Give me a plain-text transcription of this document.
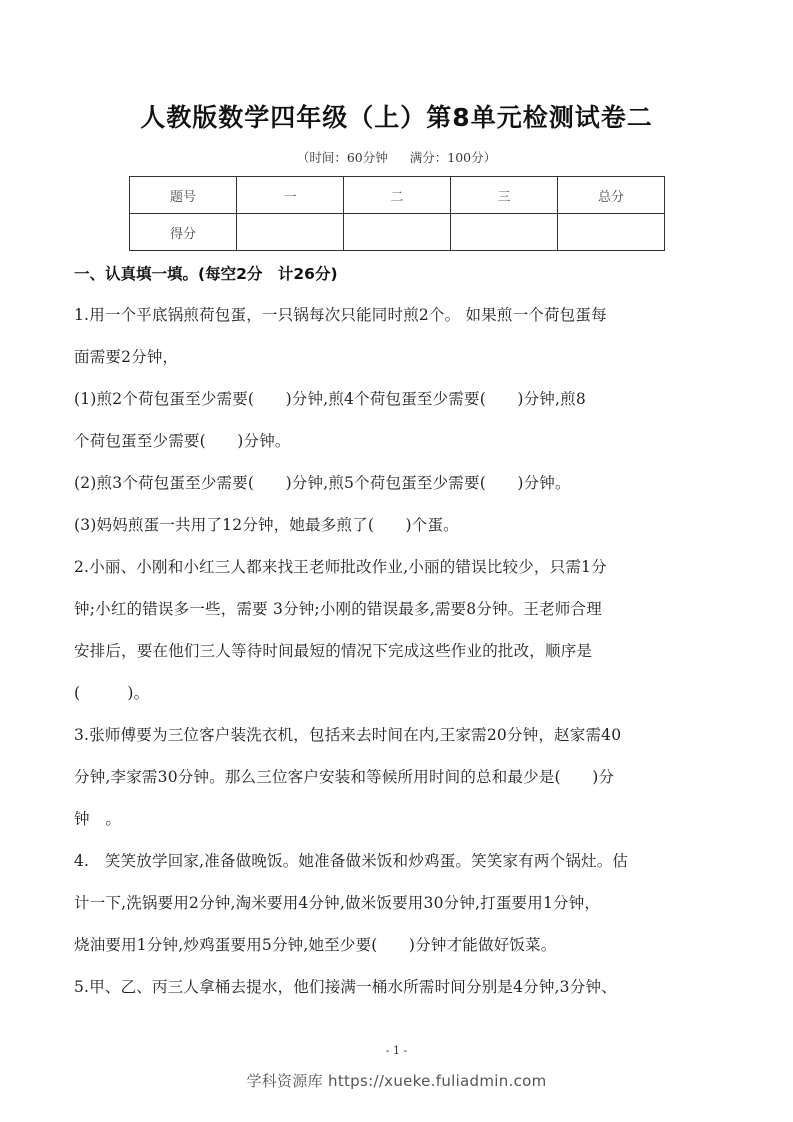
人教版数学四年级（上）第8单元检测试卷二
（时间：60分钟 满分：100分）
题号	一	二	三	总分
得分				
一、认真填一填。(每空2分　计26分)
1.用一个平底锅煎荷包蛋，一只锅每次只能同时煎2个。 如果煎一个荷包蛋每
面需要2分钟，
(1)煎2个荷包蛋至少需要(　　)分钟,煎4个荷包蛋至少需要(　　)分钟,煎8
个荷包蛋至少需要(　　)分钟。
(2)煎3个荷包蛋至少需要(　　)分钟,煎5个荷包蛋至少需要(　　)分钟。
(3)妈妈煎蛋一共用了12分钟，她最多煎了(　　)个蛋。
2.小丽、小刚和小红三人都来找王老师批改作业,小丽的错误比较少，只需1分
钟;小红的错误多一些，需要 3分钟;小刚的错误最多,需要8分钟。王老师合理
安排后，要在他们三人等待时间最短的情况下完成这些作业的批改，顺序是
(　　　)。
3.张师傅要为三位客户装洗衣机，包括来去时间在内,王家需20分钟，赵家需40
分钟,李家需30分钟。那么三位客户安装和等候所用时间的总和最少是(　　)分
钟　。
4.　笑笑放学回家,准备做晚饭。她准备做米饭和炒鸡蛋。笑笑家有两个锅灶。估
计一下,洗锅要用2分钟,淘米要用4分钟,做米饭要用30分钟,打蛋要用1分钟，
烧油要用1分钟,炒鸡蛋要用5分钟,她至少要(　　)分钟才能做好饭菜。
5.甲、乙、丙三人拿桶去提水，他们接满一桶水所需时间分别是4分钟,3分钟、
- 1 -
学科资源库 https://xueke.fuliadmin.com
